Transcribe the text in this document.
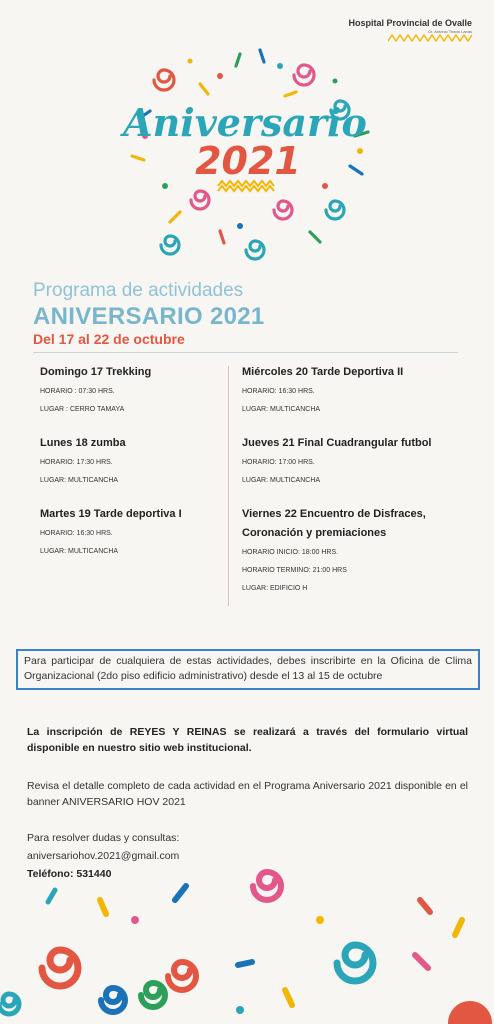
Hospital Provincial de Ovalle
Dr. Antonio Tirado Lanas
Aniversario
2021
Programa de actividades
ANIVERSARIO 2021
Del 17 al 22 de octubre
Domingo 17 Trekking
HORARIO : 07:30 HRS.
LUGAR : CERRO TAMAYA
Lunes 18 zumba
HORARIO: 17:30 HRS.
LUGAR: MULTICANCHA
Martes 19 Tarde deportiva I
HORARIO: 16:30 HRS.
LUGAR: MULTICANCHA
Miércoles 20 Tarde Deportiva II
HORARIO: 16:30 HRS.
LUGAR: MULTICANCHA
Jueves 21 Final Cuadrangular futbol
HORARIO: 17:00 HRS.
LUGAR: MULTICANCHA
Viernes 22 Encuentro de Disfraces,
Coronación y premiaciones
HORARIO INICIO: 18:00 HRS.
HORARIO TERMINO: 21:00 HRS
LUGAR: EDIFICIO H
Para participar de cualquiera de estas actividades, debes inscribirte en la Oficina de Clima Organizacional (2do piso edificio administrativo) desde el 13 al 15 de octubre
La inscripción de REYES Y REINAS se realizará a través del formulario virtual disponible en nuestro sitio web institucional.
Revisa el detalle completo de cada actividad en el Programa Aniversario 2021 disponible en el banner ANIVERSARIO HOV 2021
Para resolver dudas y consultas:
aniversariohov.2021@gmail.com
Teléfono: 531440
